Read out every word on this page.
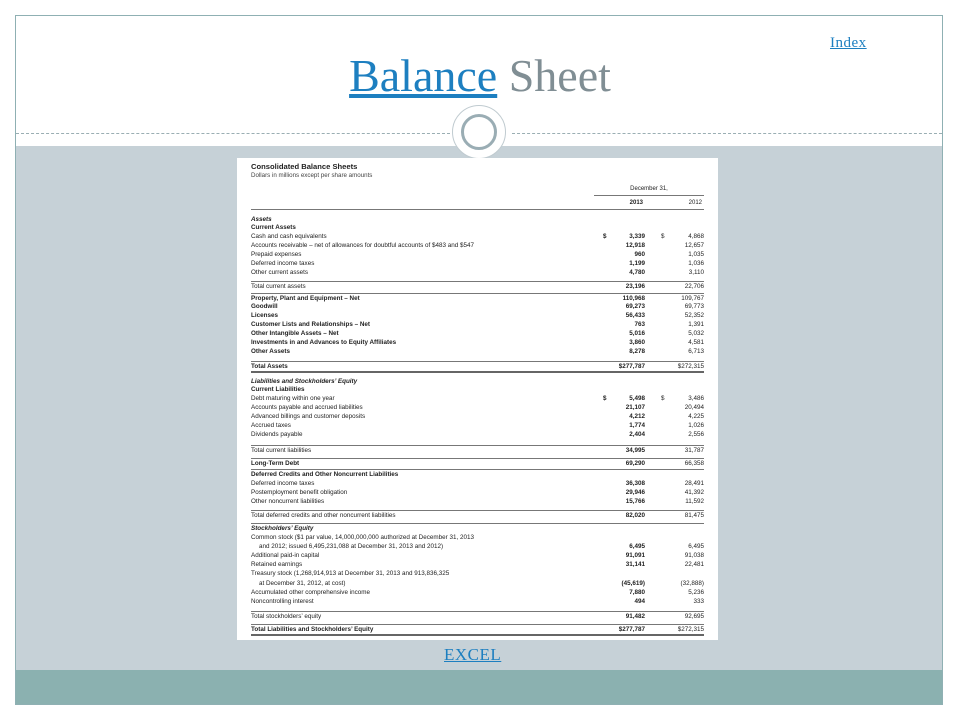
Index
Balance Sheet
Consolidated Balance Sheets
Dollars in millions except per share amounts
December 31,
2013	2012
Assets
Current Assets
Cash and cash equivalents	$	3,339	$	4,868
Accounts receivable – net of allowances for doubtful accounts of $483 and $547	12,918	12,657
Prepaid expenses	960	1,035
Deferred income taxes	1,199	1,036
Other current assets	4,780	3,110
Total current assets	23,196	22,706
Property, Plant and Equipment – Net	110,968	109,767
Goodwill	69,273	69,773
Licenses	56,433	52,352
Customer Lists and Relationships – Net	763	1,391
Other Intangible Assets – Net	5,016	5,032
Investments in and Advances to Equity Affiliates	3,860	4,581
Other Assets	8,278	6,713
Total Assets	$277,787	$272,315
Liabilities and Stockholders’ Equity
Current Liabilities
Debt maturing within one year	$	5,498	$	3,486
Accounts payable and accrued liabilities	21,107	20,494
Advanced billings and customer deposits	4,212	4,225
Accrued taxes	1,774	1,026
Dividends payable	2,404	2,556
Total current liabilities	34,995	31,787
Long-Term Debt	69,290	66,358
Deferred Credits and Other Noncurrent Liabilities
Deferred income taxes	36,308	28,491
Postemployment benefit obligation	29,946	41,392
Other noncurrent liabilities	15,766	11,592
Total deferred credits and other noncurrent liabilities	82,020	81,475
Stockholders’ Equity
Common stock ($1 par value, 14,000,000,000 authorized at December 31, 2013
and 2012; issued 6,495,231,088 at December 31, 2013 and 2012)	6,495	6,495
Additional paid-in capital	91,091	91,038
Retained earnings	31,141	22,481
Treasury stock (1,268,914,913 at December 31, 2013 and 913,836,325
at December 31, 2012, at cost)	(45,619)	(32,888)
Accumulated other comprehensive income	7,880	5,236
Noncontrolling interest	494	333
Total stockholders’ equity	91,482	92,695
Total Liabilities and Stockholders’ Equity	$277,787	$272,315
EXCEL
